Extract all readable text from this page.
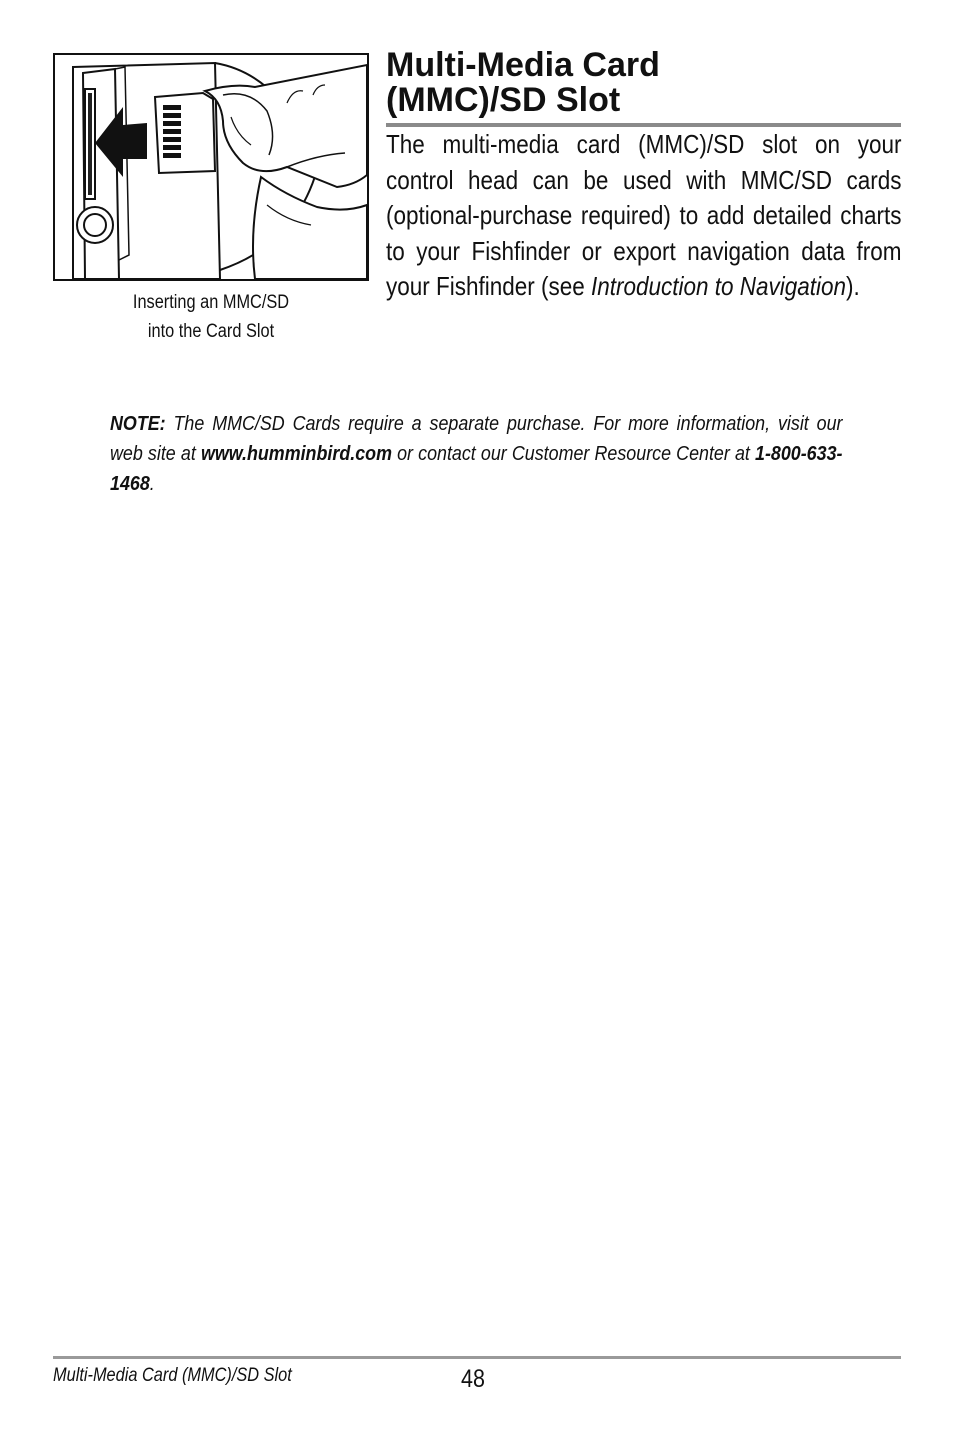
Inserting an MMC/SD
into the Card Slot
Multi-Media Card
(MMC)/SD Slot

The multi-media card (MMC)/SD slot on your control head can be used with MMC/SD cards (optional-purchase required) to add detailed charts to your Fishfinder or export navigation data from your Fishfinder (see Introduction to Navigation).

NOTE: The MMC/SD Cards require a separate purchase. For more information, visit our web site at www.humminbird.com or contact our Customer Resource Center at 1-800-633-1468.

Multi-Media Card (MMC)/SD Slot	48
